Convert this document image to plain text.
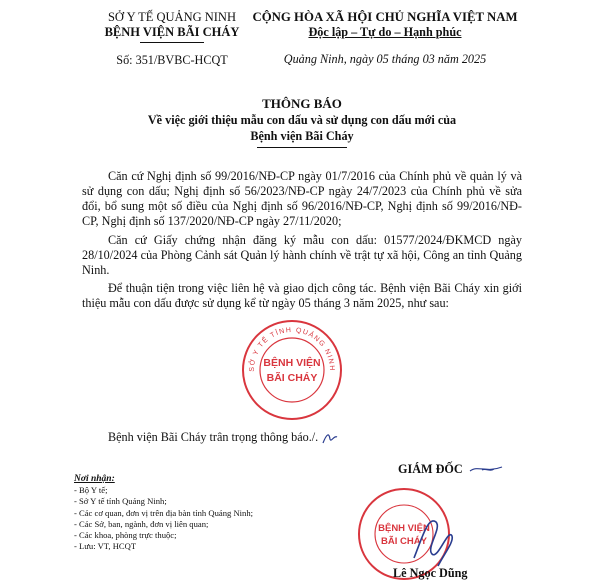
SỞ Y TẾ QUẢNG NINH
BỆNH VIỆN BÃI CHÁY
Số: 351/BVBC-HCQT
CỘNG HÒA XÃ HỘI CHỦ NGHĨA VIỆT NAM
Độc lập – Tự do – Hạnh phúc
Quảng Ninh, ngày 05 tháng 03 năm 2025
THÔNG BÁO
Về việc giới thiệu mẫu con dấu và sử dụng con dấu mới của
Bệnh viện Bãi Cháy
Căn cứ Nghị định số 99/2016/NĐ-CP ngày 01/7/2016 của Chính phủ về quản lý và sử dụng con dấu; Nghị định số 56/2023/NĐ-CP ngày 24/7/2023 của Chính phủ về sửa đổi, bổ sung một số điều của Nghị định số 96/2016/NĐ-CP, Nghị định số 99/2016/NĐ-CP, Nghị định số 137/2020/NĐ-CP ngày 27/11/2020;
Căn cứ Giấy chứng nhận đăng ký mẫu con dấu: 01577/2024/ĐKMCD ngày 28/10/2024 của Phòng Cảnh sát Quản lý hành chính về trật tự xã hội, Công an tỉnh Quảng Ninh.
Để thuận tiện trong việc liên hệ và giao dịch công tác. Bệnh viện Bãi Cháy xin giới thiệu mẫu con dấu được sử dụng kể từ ngày 05 tháng 3 năm 2025, như sau:
SỞ Y TẾ TỈNH QUẢNG NINH
BỆNH VIỆN
BÃI CHÁY
Bệnh viện Bãi Cháy trân trọng thông báo./.
Nơi nhận:
- Bộ Y tế;
- Sở Y tế tỉnh Quảng Ninh;
- Các cơ quan, đơn vị trên địa bàn tỉnh Quảng Ninh;
- Các Sở, ban, ngành, đơn vị liên quan;
- Các khoa, phòng trực thuộc;
- Lưu: VT, HCQT
GIÁM ĐỐC
BỆNH VIỆN
BÃI CHÁY
Lê Ngọc Dũng
